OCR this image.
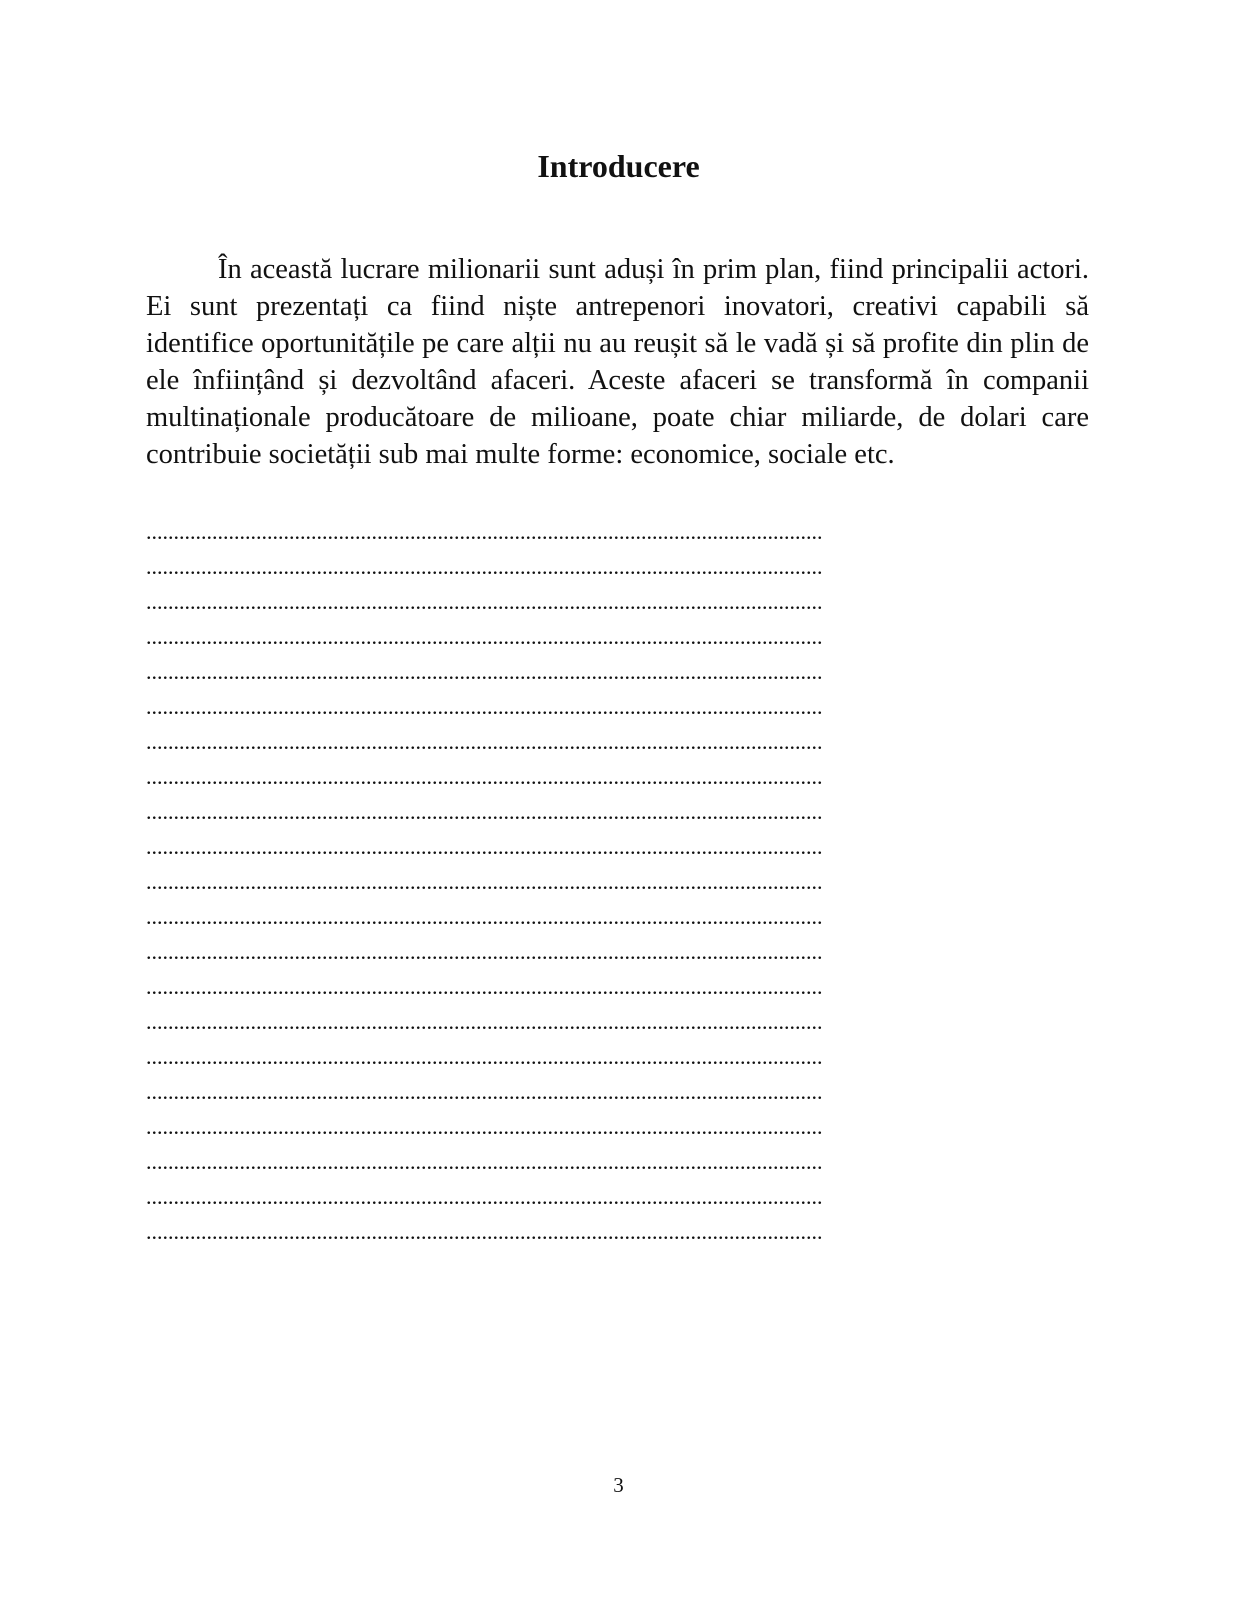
Introducere

În această lucrare milionarii sunt aduși în prim plan, fiind principalii actori. Ei sunt prezentați ca fiind niște antrepenori inovatori, creativi capabili să identifice oportunitățile pe care alții nu au reușit să le vadă și să profite din plin de ele înființând și dezvoltând afaceri. Aceste afaceri se transformă în companii multinaționale producătoare de milioane, poate chiar miliarde, de dolari care contribuie societății sub mai multe forme: economice, sociale etc.

...........................................................................................................................
...........................................................................................................................
...........................................................................................................................
...........................................................................................................................
...........................................................................................................................
...........................................................................................................................
...........................................................................................................................
...........................................................................................................................
...........................................................................................................................
...........................................................................................................................
...........................................................................................................................
...........................................................................................................................
...........................................................................................................................
...........................................................................................................................
...........................................................................................................................
...........................................................................................................................
...........................................................................................................................
...........................................................................................................................
...........................................................................................................................
...........................................................................................................................
...........................................................................................................................
3
